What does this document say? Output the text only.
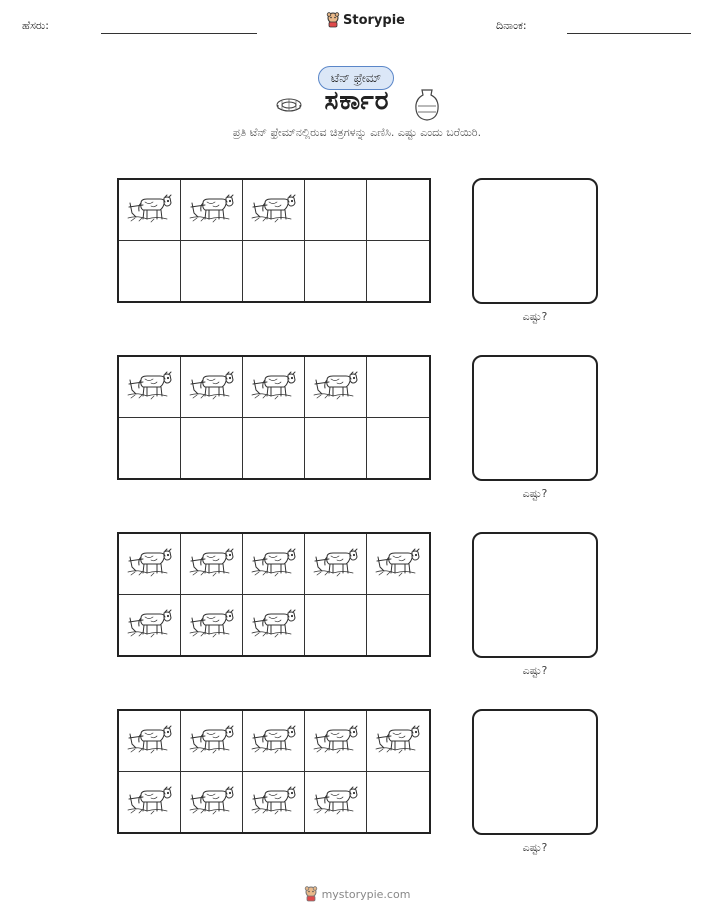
ಹೆಸರು:	Storypie	ದಿನಾಂಕ:
ಟೆನ್ ಫ್ರೇಮ್
ಸರ್ಕಾರ
ಪ್ರತಿ ಟೆನ್ ಫ್ರೇಮ್‌ನಲ್ಲಿರುವ ಚಿತ್ರಗಳನ್ನು ಎಣಿಸಿ. ಎಷ್ಟು ಎಂದು ಬರೆಯಿರಿ.
ಎಷ್ಟು?
ಎಷ್ಟು?
ಎಷ್ಟು?
ಎಷ್ಟು?
mystorypie.com
